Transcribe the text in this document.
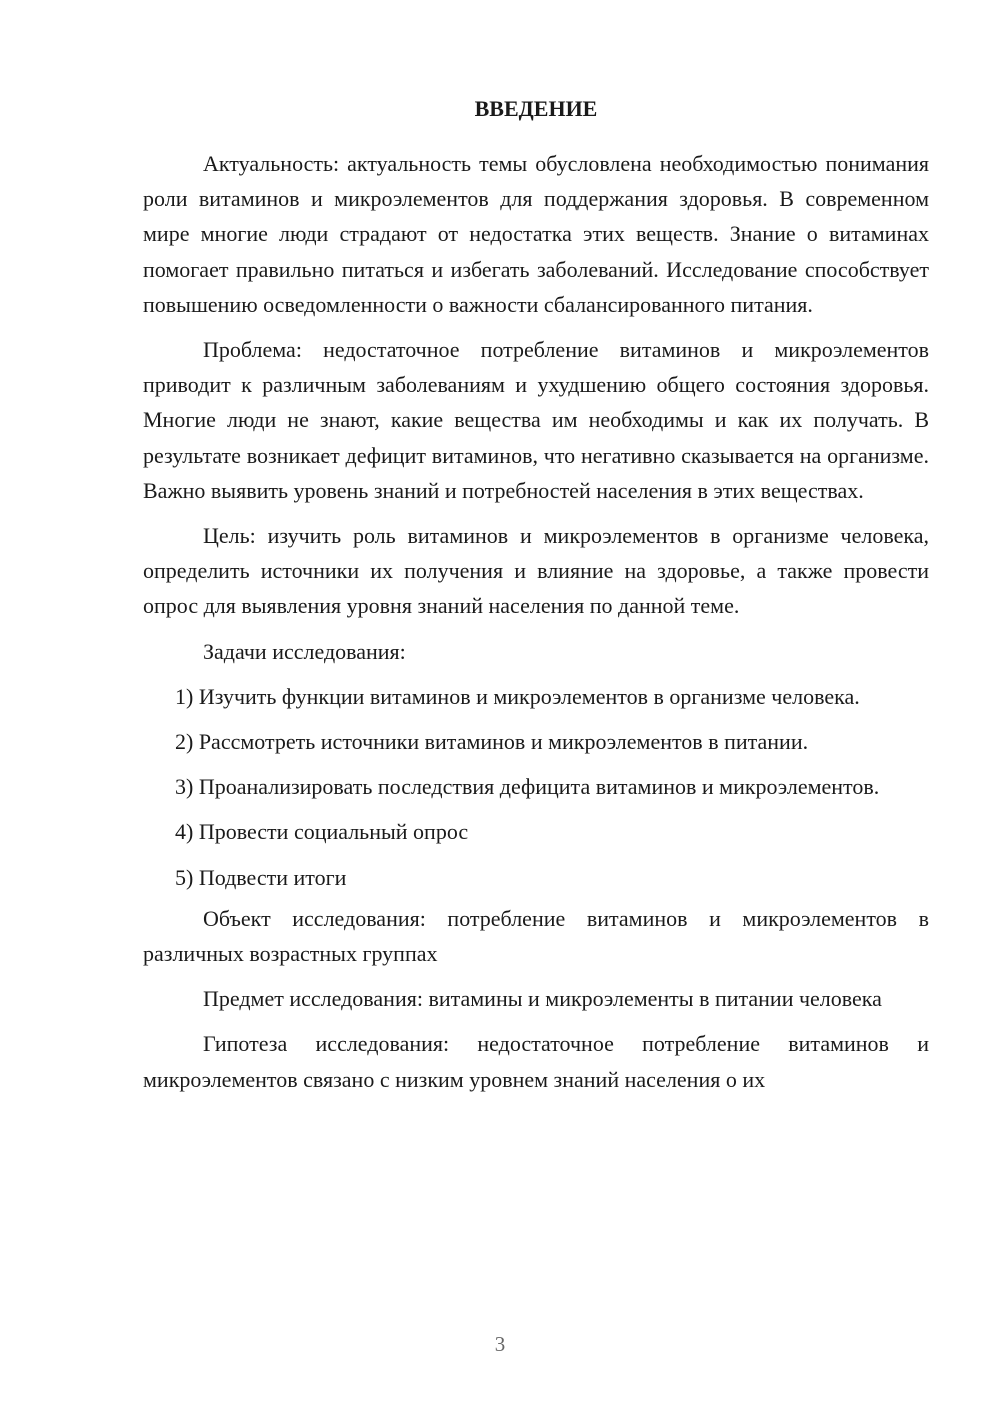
ВВЕДЕНИЕ

Актуальность: актуальность темы обусловлена необходимостью понимания роли витаминов и микроэлементов для поддержания здоровья. В современном мире многие люди страдают от недостатка этих веществ. Знание о витаминах помогает правильно питаться и избегать заболеваний. Исследование способствует повышению осведомленности о важности сбалансированного питания.

Проблема: недостаточное потребление витаминов и микроэлементов приводит к различным заболеваниям и ухудшению общего состояния здоровья. Многие люди не знают, какие вещества им необходимы и как их получать. В результате возникает дефицит витаминов, что негативно сказывается на организме. Важно выявить уровень знаний и потребностей населения в этих веществах.

Цель: изучить роль витаминов и микроэлементов в организме человека, определить источники их получения и влияние на здоровье, а также провести опрос для выявления уровня знаний населения по данной теме.

Задачи исследования:

1) Изучить функции витаминов и микроэлементов в организме человека.

2) Рассмотреть источники витаминов и микроэлементов в питании.

3) Проанализировать последствия дефицита витаминов и микроэлементов.

4) Провести социальный опрос

5) Подвести итоги

Объект исследования: потребление витаминов и микроэлементов в различных возрастных группах

Предмет исследования: витамины и микроэлементы в питании человека

Гипотеза исследования: недостаточное потребление витаминов и микроэлементов связано с низким уровнем знаний населения о их

3
